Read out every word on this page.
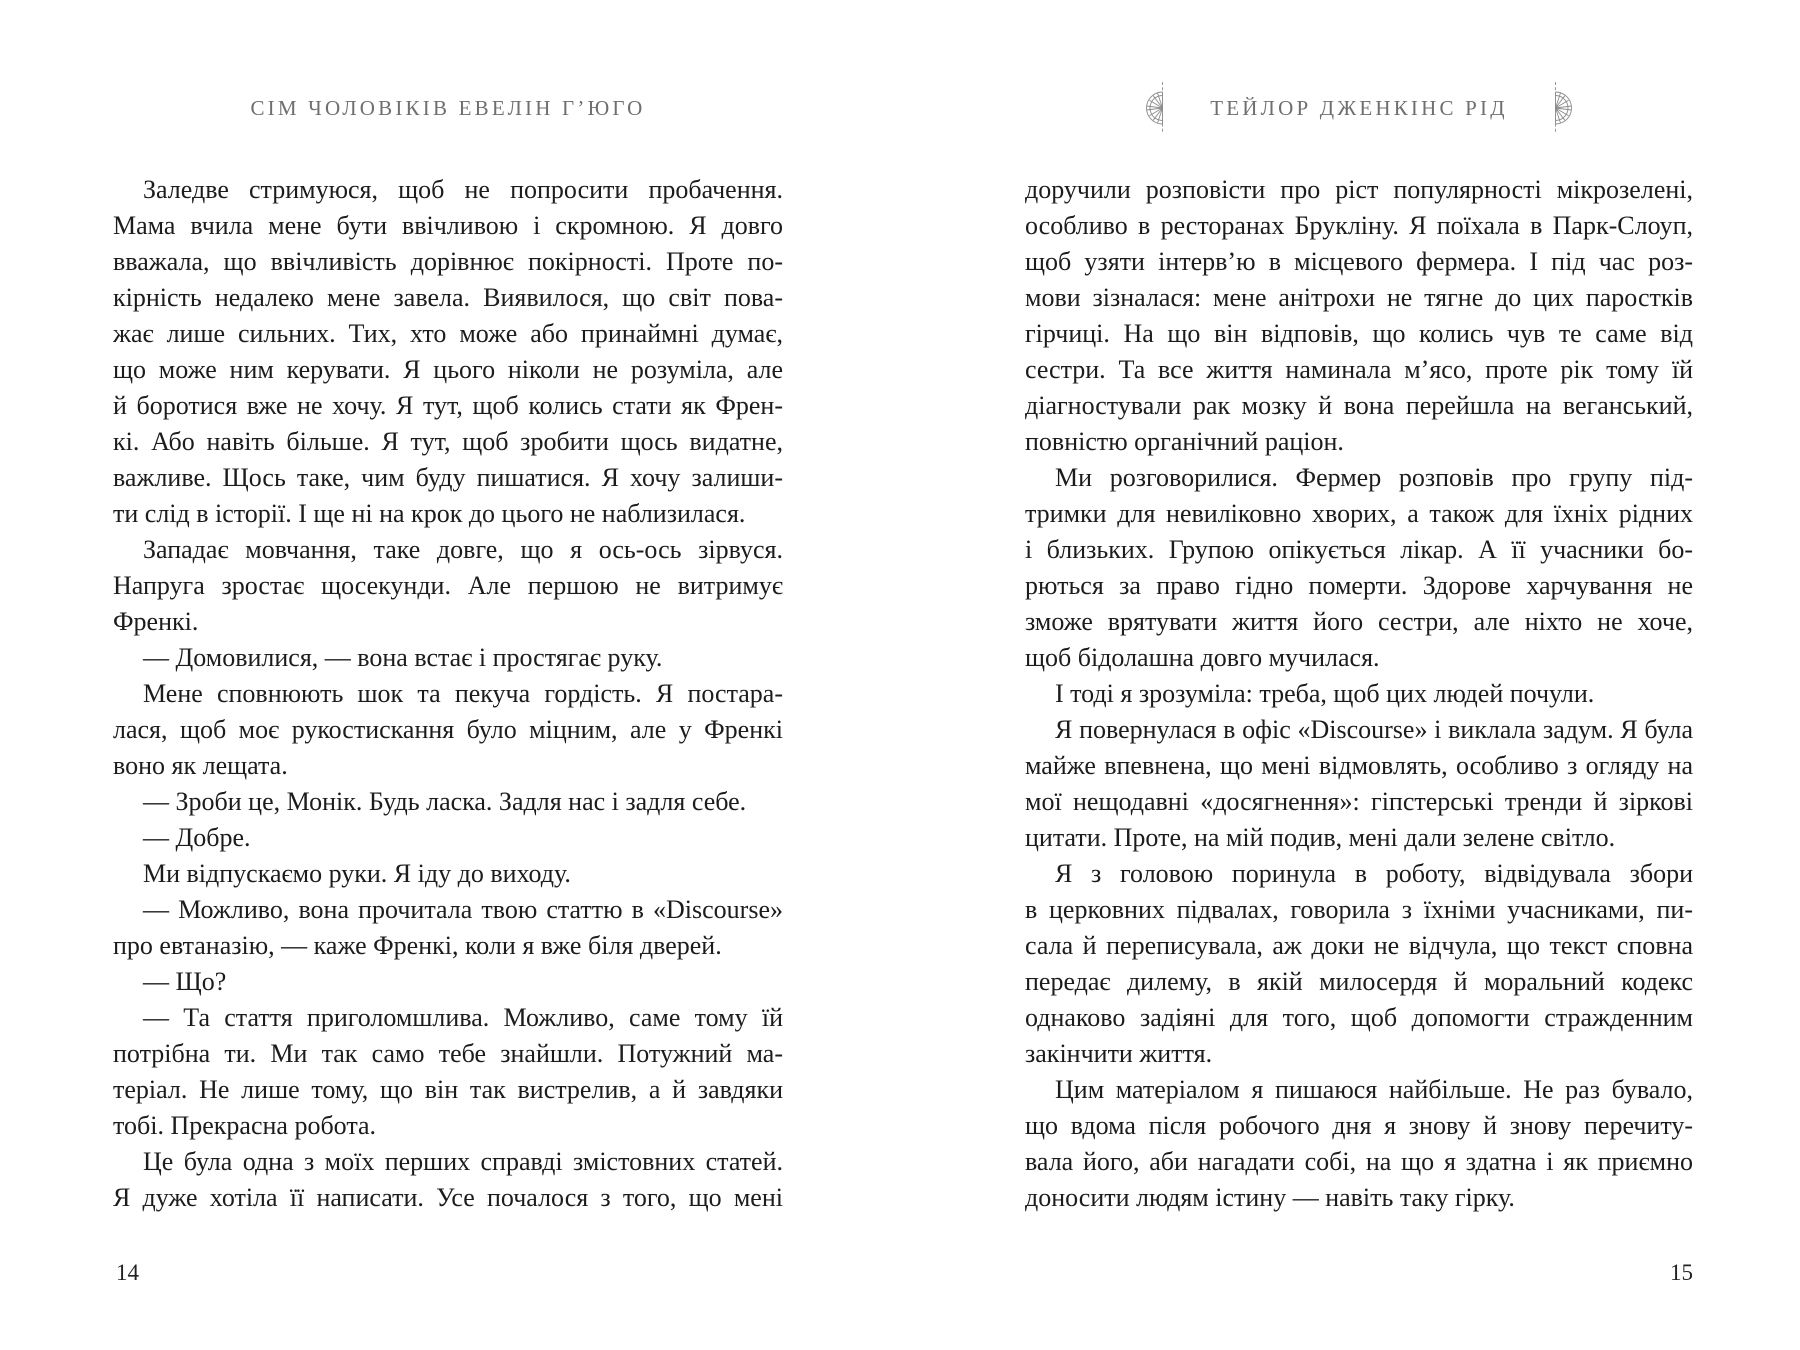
СІМ ЧОЛОВІКІВ ЕВЕЛІН Г’ЮГО
Заледве стримуюся, щоб не попросити пробачення.
Мама вчила мене бути ввічливою і скромною. Я довго
вважала, що ввічливість дорівнює покірності. Проте по-
кірність недалеко мене завела. Виявилося, що світ пова-
жає лише сильних. Тих, хто може або принаймні думає,
що може ним керувати. Я цього ніколи не розуміла, але
й боротися вже не хочу. Я тут, щоб колись стати як Френ-
кі. Або навіть більше. Я тут, щоб зробити щось видатне,
важливе. Щось таке, чим буду пишатися. Я хочу залиши-
ти слід в історії. І ще ні на крок до цього не наблизилася.
Западає мовчання, таке довге, що я ось-ось зірвуся.
Напруга зростає щосекунди. Але першою не витримує
Френкі.
— Домовилися, — вона встає і простягає руку.
Мене сповнюють шок та пекуча гордість. Я постара-
лася, щоб моє рукостискання було міцним, але у Френкі
воно як лещата.
— Зроби це, Монік. Будь ласка. Задля нас і задля себе.
— Добре.
Ми відпускаємо руки. Я іду до виходу.
— Можливо, вона прочитала твою статтю в «Discourse»
про евтаназію, — каже Френкі, коли я вже біля дверей.
— Що?
— Та стаття приголомшлива. Можливо, саме тому їй
потрібна ти. Ми так само тебе знайшли. Потужний ма-
теріал. Не лише тому, що він так вистрелив, а й завдяки
тобі. Прекрасна робота.
Це була одна з моїх перших справді змістовних статей.
Я дуже хотіла її написати. Усе почалося з того, що мені
14
ТЕЙЛОР ДЖЕНКІНС РІД
доручили розповісти про ріст популярності мікрозелені,
особливо в ресторанах Брукліну. Я поїхала в Парк-Слоуп,
щоб узяти інтерв’ю в місцевого фермера. І під час роз-
мови зізналася: мене анітрохи не тягне до цих паростків
гірчиці. На що він відповів, що колись чув те саме від
сестри. Та все життя наминала м’ясо, проте рік тому їй
діагностували рак мозку й вона перейшла на веганський,
повністю органічний раціон.
Ми розговорилися. Фермер розповів про групу під-
тримки для невиліковно хворих, а також для їхніх рідних
і близьких. Групою опікується лікар. А її учасники бо-
рються за право гідно померти. Здорове харчування не
зможе врятувати життя його сестри, але ніхто не хоче,
щоб бідолашна довго мучилася.
І тоді я зрозуміла: треба, щоб цих людей почули.
Я повернулася в офіс «Discourse» і виклала задум. Я була
майже впевнена, що мені відмовлять, особливо з огляду на
мої нещодавні «досягнення»: гіпстерські тренди й зіркові
цитати. Проте, на мій подив, мені дали зелене світло.
Я з головою поринула в роботу, відвідувала збори
в церковних підвалах, говорила з їхніми учасниками, пи-
сала й переписувала, аж доки не відчула, що текст сповна
передає дилему, в якій милосердя й моральний кодекс
однаково задіяні для того, щоб допомогти стражденним
закінчити життя.
Цим матеріалом я пишаюся найбільше. Не раз бувало,
що вдома після робочого дня я знову й знову перечиту-
вала його, аби нагадати собі, на що я здатна і як приємно
доносити людям істину — навіть таку гірку.
15
